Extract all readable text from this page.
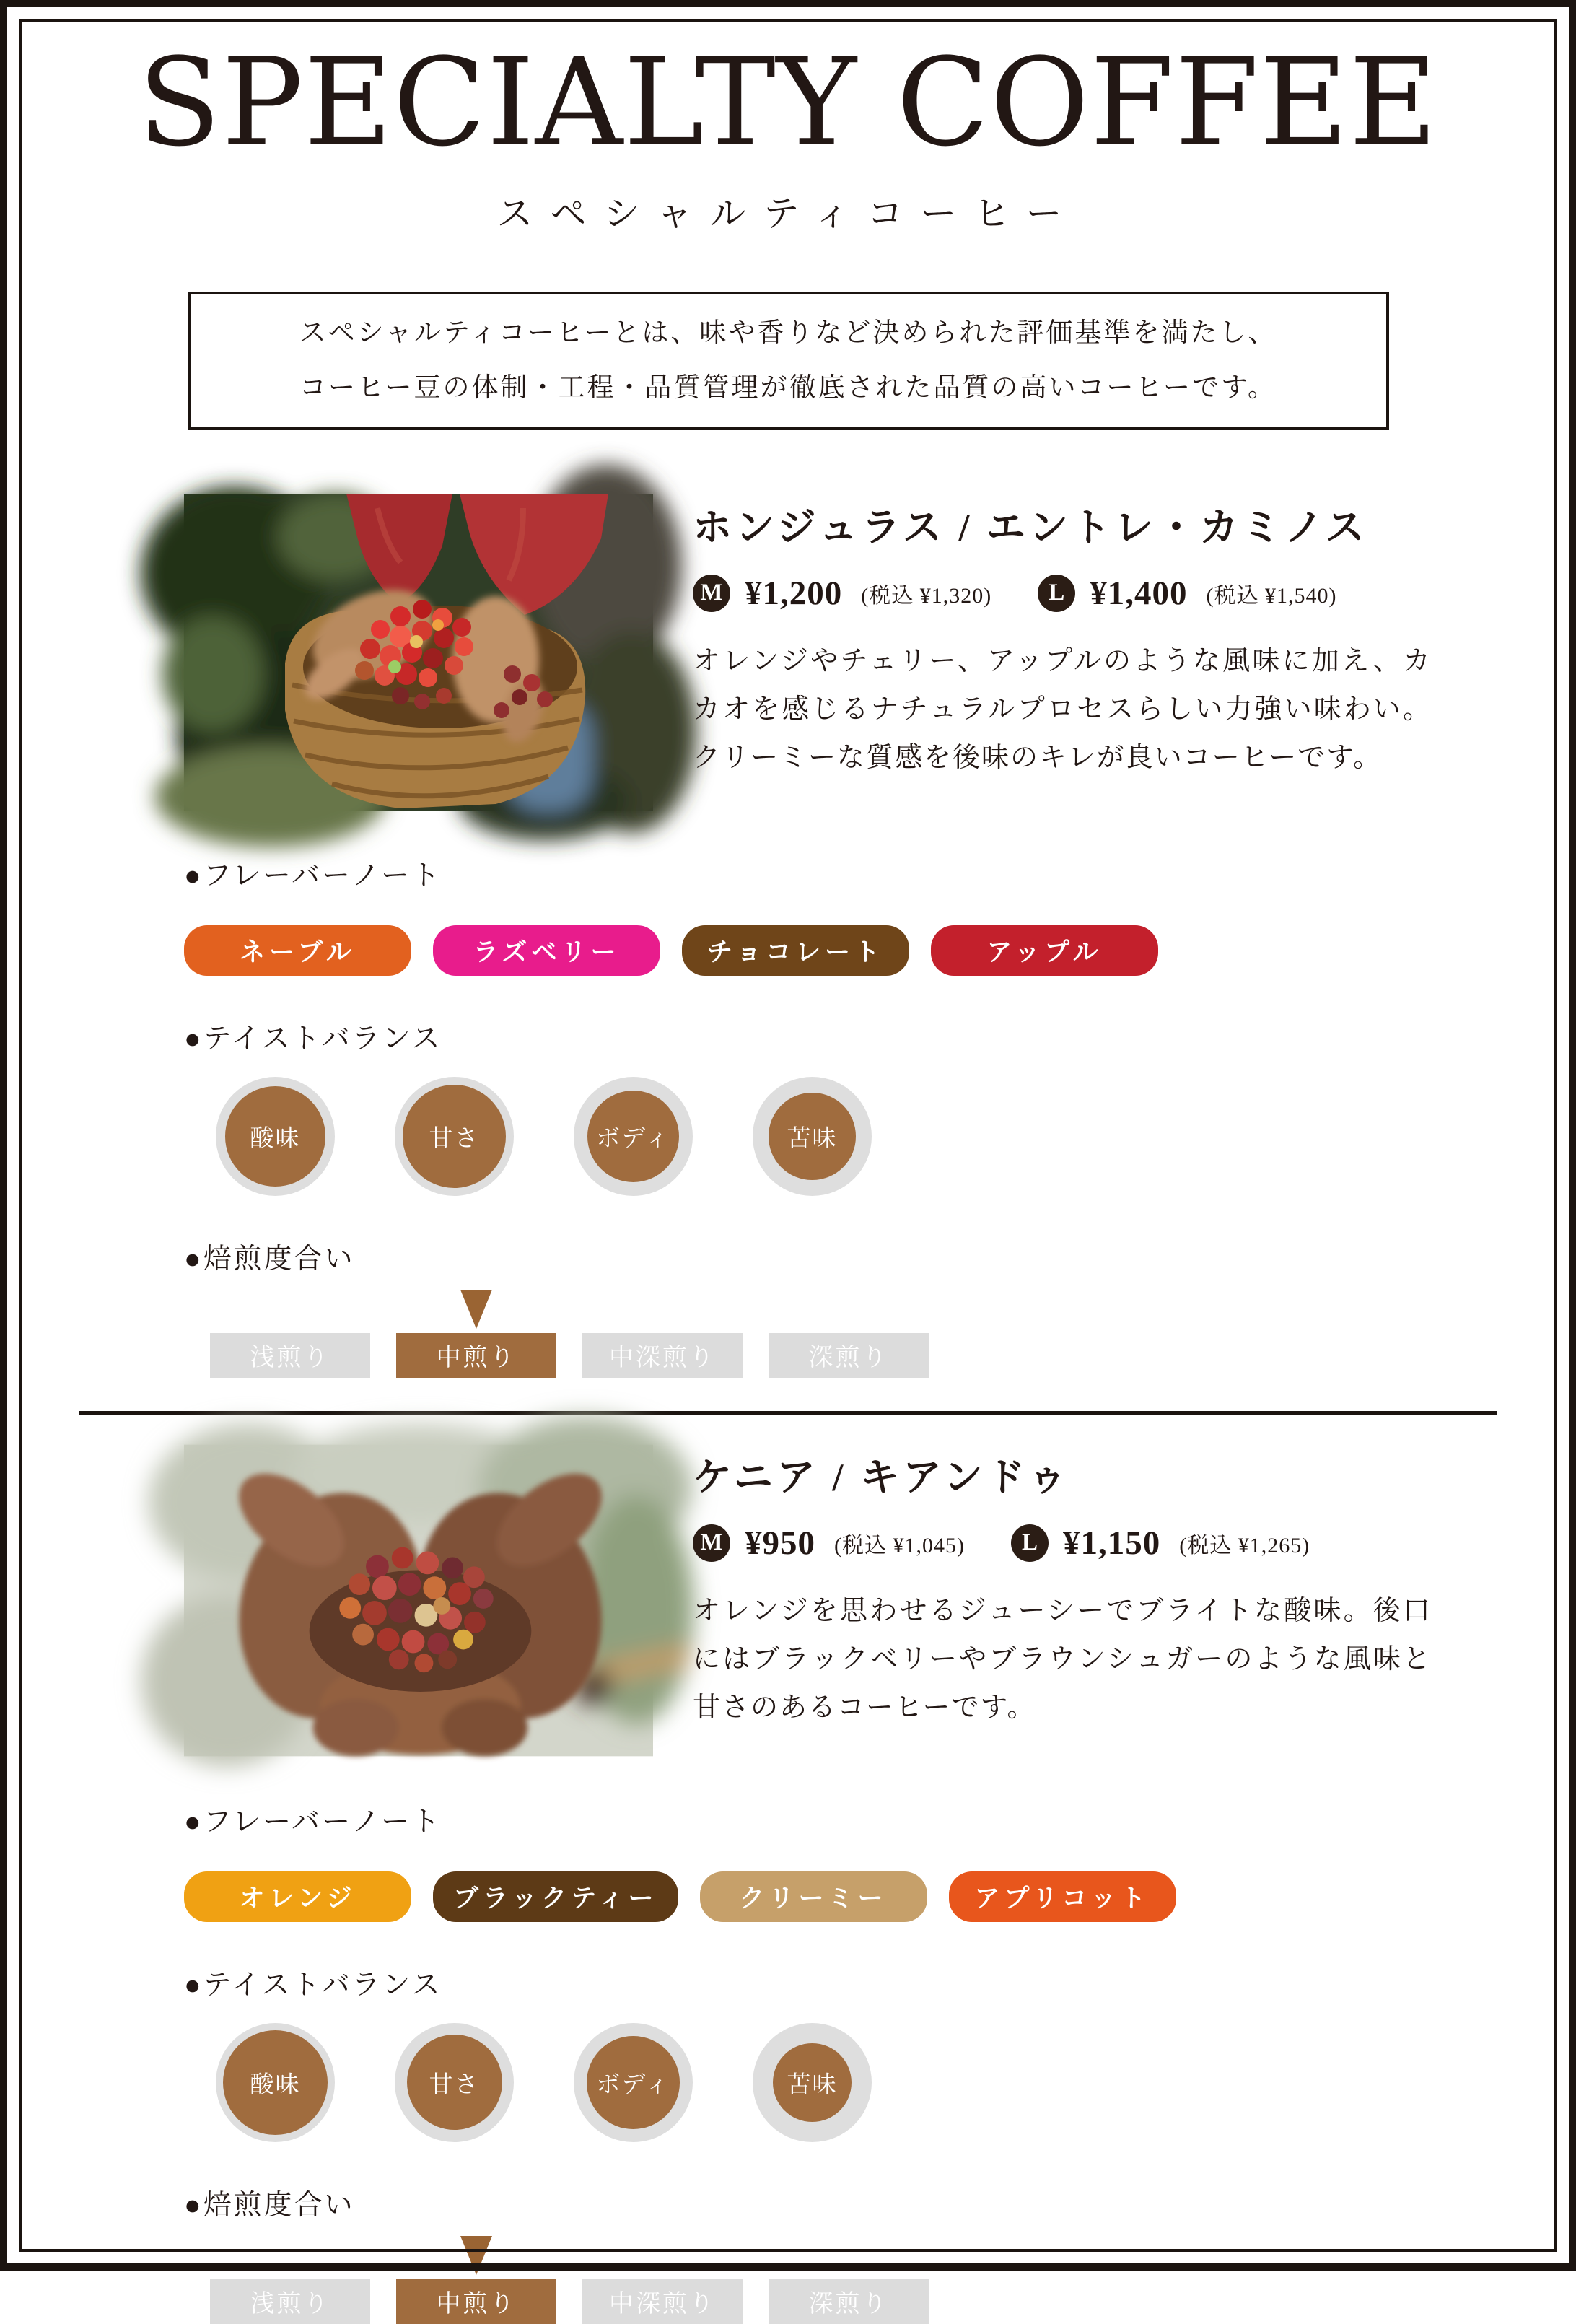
SPECIALTY COFFEE
スペシャルティコーヒー
スペシャルティコーヒーとは、味や香りなど決められた評価基準を満たし、
コーヒー豆の体制・工程・品質管理が徹底された品質の高いコーヒーです。
ホンジュラス / エントレ・カミノス
M ¥1,200 (税込 ¥1,320)	L ¥1,400 (税込 ¥1,540)
オレンジやチェリー、アップルのような風味に加え、カカオを感じるナチュラルプロセスらしい力強い味わい。クリーミーな質感を後味のキレが良いコーヒーです。
●フレーバーノート
ネーブル	ラズベリー	チョコレート	アップル
●テイストバランス
酸味	甘さ	ボディ	苦味
●焙煎度合い
浅煎り	中煎り	中深煎り	深煎り
ケニア / キアンドゥ
M ¥950 (税込 ¥1,045)	L ¥1,150 (税込 ¥1,265)
オレンジを思わせるジューシーでブライトな酸味。後口にはブラックベリーやブラウンシュガーのような風味と甘さのあるコーヒーです。
●フレーバーノート
オレンジ	ブラックティー	クリーミー	アプリコット
●テイストバランス
酸味	甘さ	ボディ	苦味
●焙煎度合い
浅煎り	中煎り	中深煎り	深煎り
